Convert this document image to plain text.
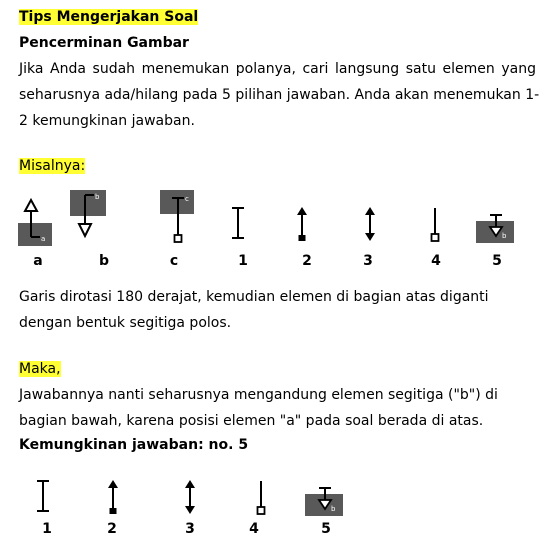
Tips Mengerjakan Soal
Pencerminan Gambar
Jika Anda sudah menemukan polanya, cari langsung satu elemen yang
seharusnya ada/hilang pada 5 pilihan jawaban. Anda akan menemukan 1-
2 kemungkinan jawaban.
Misalnya:
a
b	c
b
a	b	c	1	2	3	4	5
Garis dirotasi 180 derajat, kemudian elemen di bagian atas diganti
dengan bentuk segitiga polos.
Maka,
Jawabannya nanti seharusnya mengandung elemen segitiga ("b") di
bagian bawah, karena posisi elemen "a" pada soal berada di atas.
Kemungkinan jawaban: no. 5
b
1	2	3	4	5
